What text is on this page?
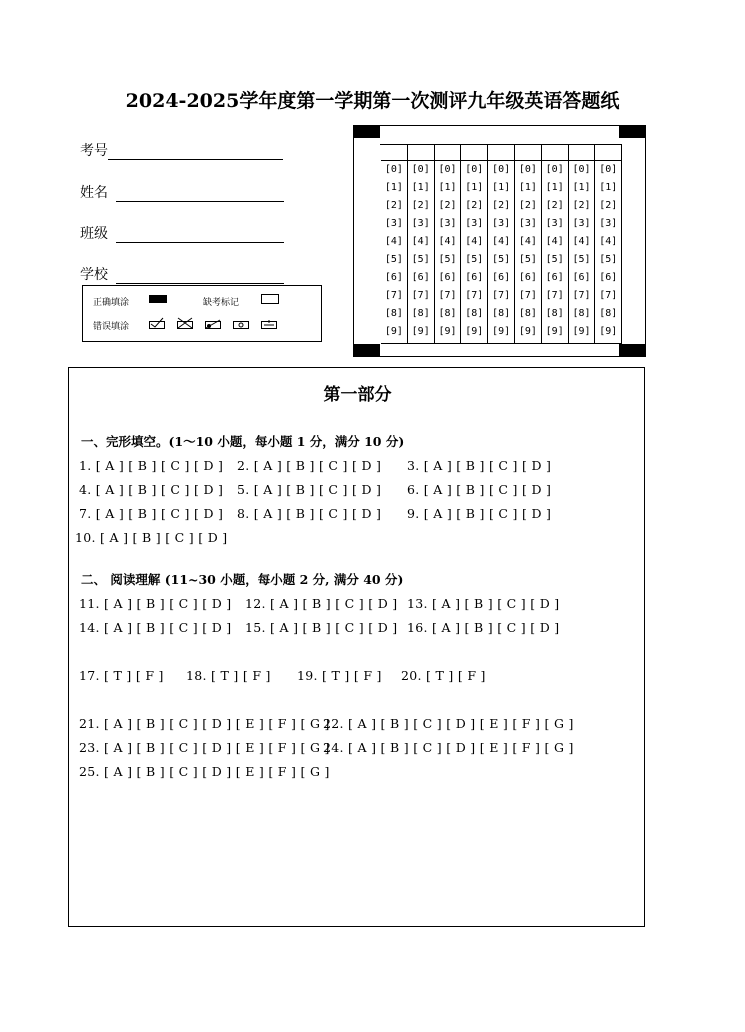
2024-2025学年度第一学期第一次测评九年级英语答题纸
考号
姓名
班级
学校
正确填涂	缺考标记
错误填涂
[0]
[1]
[2]
[3]
[4]
[5]
[6]
[7]
[8]
[9]
[0]
[1]
[2]
[3]
[4]
[5]
[6]
[7]
[8]
[9]
[0]
[1]
[2]
[3]
[4]
[5]
[6]
[7]
[8]
[9]
[0]
[1]
[2]
[3]
[4]
[5]
[6]
[7]
[8]
[9]
[0]
[1]
[2]
[3]
[4]
[5]
[6]
[7]
[8]
[9]
[0]
[1]
[2]
[3]
[4]
[5]
[6]
[7]
[8]
[9]
[0]
[1]
[2]
[3]
[4]
[5]
[6]
[7]
[8]
[9]
[0]
[1]
[2]
[3]
[4]
[5]
[6]
[7]
[8]
[9]
[0]
[1]
[2]
[3]
[4]
[5]
[6]
[7]
[8]
[9]
第一部分
一、完形填空。(1～10 小题，每小题 1 分，满分 10 分)
1. [ A ] [ B ] [ C ] [ D ] 2. [ A ] [ B ] [ C ] [ D ] 3. [ A ] [ B ] [ C ] [ D ]
4. [ A ] [ B ] [ C ] [ D ] 5. [ A ] [ B ] [ C ] [ D ] 6. [ A ] [ B ] [ C ] [ D ]
7. [ A ] [ B ] [ C ] [ D ] 8. [ A ] [ B ] [ C ] [ D ] 9. [ A ] [ B ] [ C ] [ D ]
10. [ A ] [ B ] [ C ] [ D ]
二、 阅读理解 (11~30 小题，每小题 2 分, 满分 40 分)
11. [ A ] [ B ] [ C ] [ D ] 12. [ A ] [ B ] [ C ] [ D ] 13. [ A ] [ B ] [ C ] [ D ]
14. [ A ] [ B ] [ C ] [ D ] 15. [ A ] [ B ] [ C ] [ D ] 16. [ A ] [ B ] [ C ] [ D ]
17. [ T ] [ F ] 18. [ T ] [ F ] 19. [ T ] [ F ] 20. [ T ] [ F ]
21. [ A ] [ B ] [ C ] [ D ] [ E ] [ F ] [ G ]
22. [ A ] [ B ] [ C ] [ D ] [ E ] [ F ] [ G ]
23. [ A ] [ B ] [ C ] [ D ] [ E ] [ F ] [ G ]
24. [ A ] [ B ] [ C ] [ D ] [ E ] [ F ] [ G ]
25. [ A ] [ B ] [ C ] [ D ] [ E ] [ F ] [ G ]
